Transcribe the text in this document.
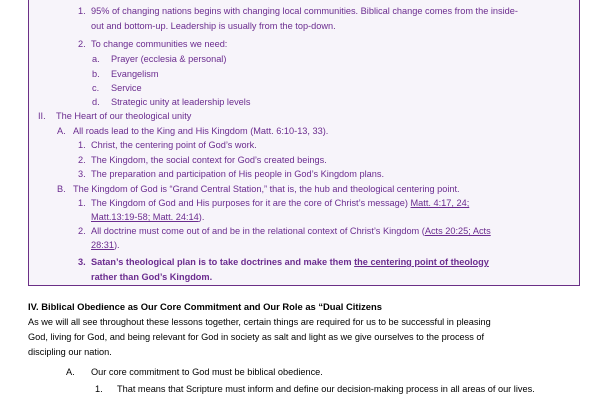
1. 95% of changing nations begins with changing local communities. Biblical change comes from the inside-
out and bottom-up. Leadership is usually from the top-down.
2. To change communities we need:
a. Prayer (ecclesia & personal)
b. Evangelism
c. Service
d. Strategic unity at leadership levels
II. The Heart of our theological unity
A. All roads lead to the King and His Kingdom (Matt. 6:10-13, 33).
1. Christ, the centering point of God’s work.
2. The Kingdom, the social context for God’s created beings.
3. The preparation and participation of His people in God’s Kingdom plans.
B. The Kingdom of God is “Grand Central Station,” that is, the hub and theological centering point.
1. The Kingdom of God and His purposes for it are the core of Christ’s message) Matt. 4:17, 24;
Matt.13:19-58; Matt. 24:14).
2. All doctrine must come out of and be in the relational context of Christ’s Kingdom (Acts 20:25; Acts
28:31).
3. Satan’s theological plan is to take doctrines and make them the centering point of theology
rather than God’s Kingdom.
IV. Biblical Obedience as Our Core Commitment and Our Role as “Dual Citizens
As we will all see throughout these lessons together, certain things are required for us to be successful in pleasing
God, living for God, and being relevant for God in society as salt and light as we give ourselves to the process of
discipling our nation.
A. Our core commitment to God must be biblical obedience.
1. That means that Scripture must inform and define our decision-making process in all areas of our lives.
